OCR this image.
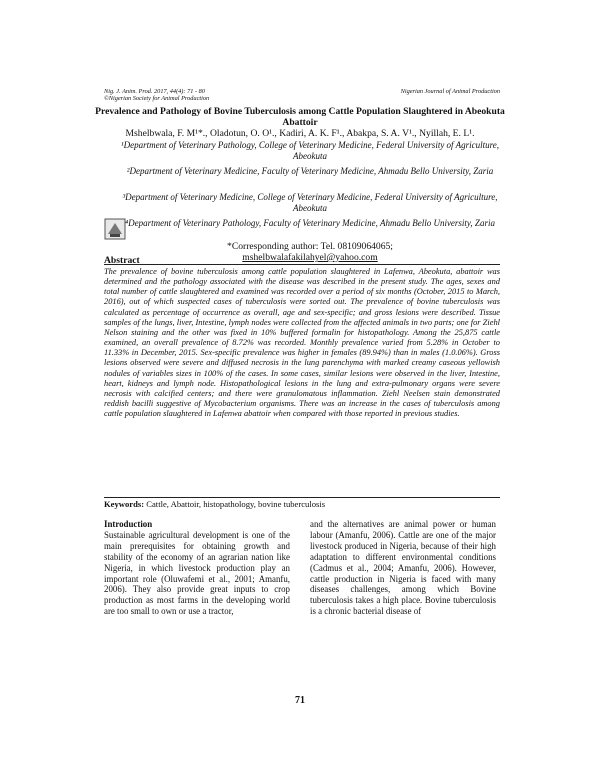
Nig. J. Anim. Prod. 2017, 44(4): 71 - 80
©Nigerian Society for Animal Production
Nigerian Journal of Animal Production
Prevalence and Pathology of Bovine Tuberculosis among Cattle Population Slaughtered in Abeokuta Abattoir
Mshelbwala, F. M¹*., Oladotun, O. O¹., Kadiri, A. K. F¹., Abakpa, S. A. V¹., Nyillah, E. L¹.
¹Department of Veterinary Pathology, College of Veterinary Medicine, Federal University of Agriculture, Abeokuta
²Department of Veterinary Medicine, Faculty of Veterinary Medicine, Ahmadu Bello University, Zaria
³Department of Veterinary Medicine, College of Veterinary Medicine, Federal University of Agriculture, Abeokuta
⁴Department of Veterinary Pathology, Faculty of Veterinary Medicine, Ahmadu Bello University, Zaria
*Corresponding author: Tel. 08109064065;
mshelbwalafakilahyel@yahoo.com
Abstract
The prevalence of bovine tuberculosis among cattle population slaughtered in Lafenwa, Abeokuta, abattoir was determined and the pathology associated with the disease was described in the present study. The ages, sexes and total number of cattle slaughtered and examined was recorded over a period of six months (October, 2015 to March, 2016), out of which suspected cases of tuberculosis were sorted out. The prevalence of bovine tuberculosis was calculated as percentage of occurrence as overall, age and sex-specific; and gross lesions were described. Tissue samples of the lungs, liver, Intestine, lymph nodes were collected from the affected animals in two parts; one for Ziehl Nelson staining and the other was fixed in 10% buffered formalin for histopathology. Among the 25,875 cattle examined, an overall prevalence of 8.72% was recorded. Monthly prevalence varied from 5.28% in October to 11.33% in December, 2015. Sex-specific prevalence was higher in females (89.94%) than in males (1.0.06%). Gross lesions observed were severe and diffused necrosis in the lung parenchyma with marked creamy caseous yellowish nodules of variables sizes in 100% of the cases. In some cases, similar lesions were observed in the liver, Intestine, heart, kidneys and lymph node. Histopathological lesions in the lung and extra-pulmonary organs were severe necrosis with calcified centers; and there were granulomatous inflammation. Ziehl Neelsen stain demonstrated reddish bacilli suggestive of Mycobacterium organisms. There was an increase in the cases of tuberculosis among cattle population slaughtered in Lafenwa abattoir when compared with those reported in previous studies.
Keywords: Cattle, Abattoir, histopathology, bovine tuberculosis
Introduction
Sustainable agricultural development is one of the main prerequisites for obtaining growth and stability of the economy of an agrarian nation like Nigeria, in which livestock production play an important role (Oluwafemi et al., 2001; Amanfu, 2006). They also provide great inputs to crop production as most farms in the developing world are too small to own or use a tractor,
and the alternatives are animal power or human labour (Amanfu, 2006). Cattle are one of the major livestock produced in Nigeria, because of their high adaptation to different environmental conditions (Cadmus et al., 2004; Amanfu, 2006). However, cattle production in Nigeria is faced with many diseases challenges, among which Bovine tuberculosis takes a high place. Bovine tuberculosis is a chronic bacterial disease of
71
